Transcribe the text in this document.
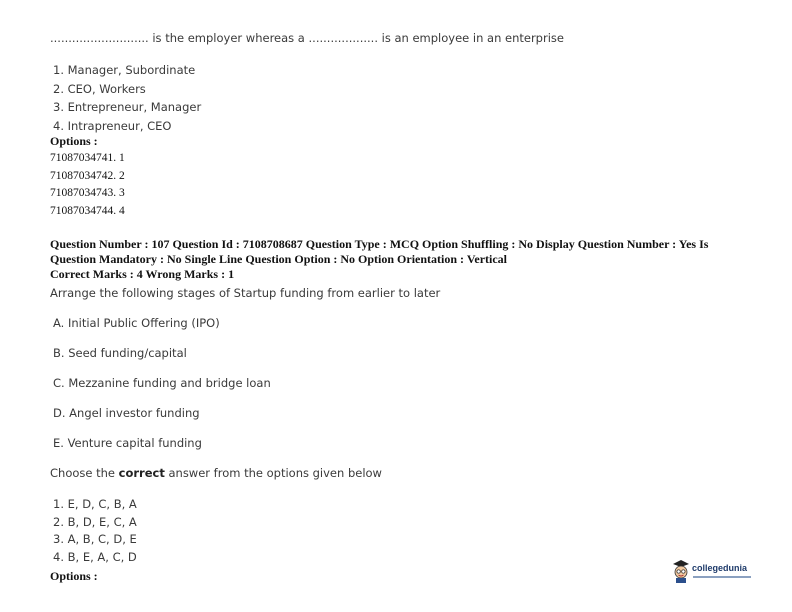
........................... is the employer whereas a ................... is an employee in an enterprise
1. Manager, Subordinate
2. CEO, Workers
3. Entrepreneur, Manager
4. Intrapreneur, CEO
Options :
71087034741. 1
71087034742. 2
71087034743. 3
71087034744. 4
Question Number : 107 Question Id : 7108708687 Question Type : MCQ Option Shuffling : No Display Question Number : Yes Is
Question Mandatory : No Single Line Question Option : No Option Orientation : Vertical
Correct Marks : 4 Wrong Marks : 1
Arrange the following stages of Startup funding from earlier to later
A. Initial Public Offering (IPO)
B. Seed funding/capital
C. Mezzanine funding and bridge loan
D. Angel investor funding
E. Venture capital funding
Choose the correct answer from the options given below
1. E, D, C, B, A
2. B, D, E, C, A
3. A, B, C, D, E
4. B, E, A, C, D
Options :
collegedunia
